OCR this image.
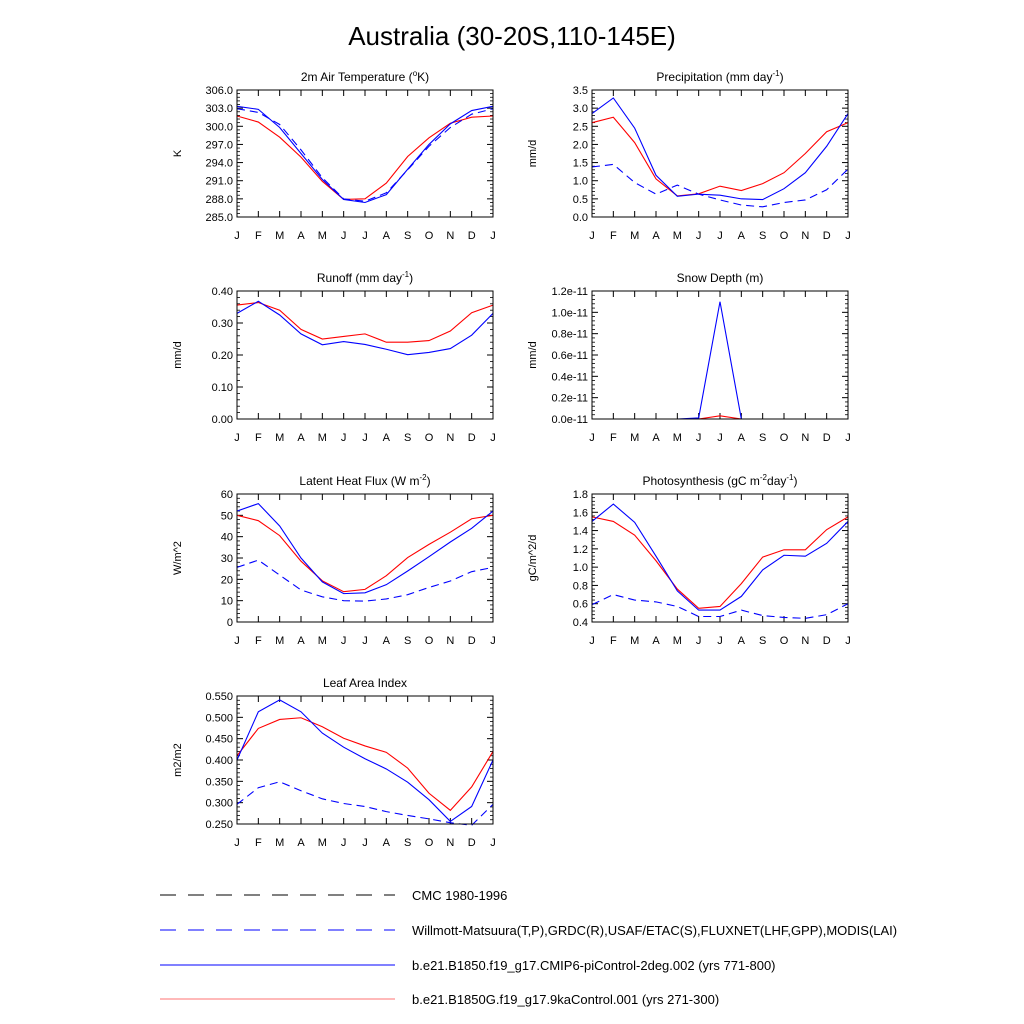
Australia (30-20S,110-145E)
2m Air Temperature ($^o$K)
K
285.0
288.0
291.0
294.0
297.0
300.0
303.0
306.0
J F M A M J J A S O N D J
Precipitation (mm day$^{-1}$)
mm/d
0.0
0.5
1.0
1.5
2.0
2.5
3.0
3.5
J F M A M J J A S O N D J
Runoff (mm day$^{-1}$)
mm/d
0.00
0.10
0.20
0.30
0.40
J F M A M J J A S O N D J
Snow Depth (m)
mm/d
0.0e-11
0.2e-11
0.4e-11
0.6e-11
0.8e-11
1.0e-11
1.2e-11
J F M A M J J A S O N D J
Latent Heat Flux (W $m^{-2}$)
W/m^2
0
10
20
30
40
50
60
J F M A M J J A S O N D J
Photosynthesis (gC $m^{-2}day^{-1}$)
gC/m^2/d
0.4
0.6
0.8
1.0
1.2
1.4
1.6
1.8
J F M A M J J A S O N D J
Leaf Area Index
m2/m2
0.250
0.300
0.350
0.400
0.450
0.500
0.550
J F M A M J J A S O N D J
CMC 1980-1996
Willmott-Matsuura(T,P),GRDC(R),USAF/ETAC(S),FLUXNET(LHF,GPP),MODIS(LAI)
b.e21.B1850.f19_g17.CMIP6-piControl-2deg.002 (yrs 771-800)
b.e21.B1850G.f19_g17.9kaControl.001 (yrs 271-300)
